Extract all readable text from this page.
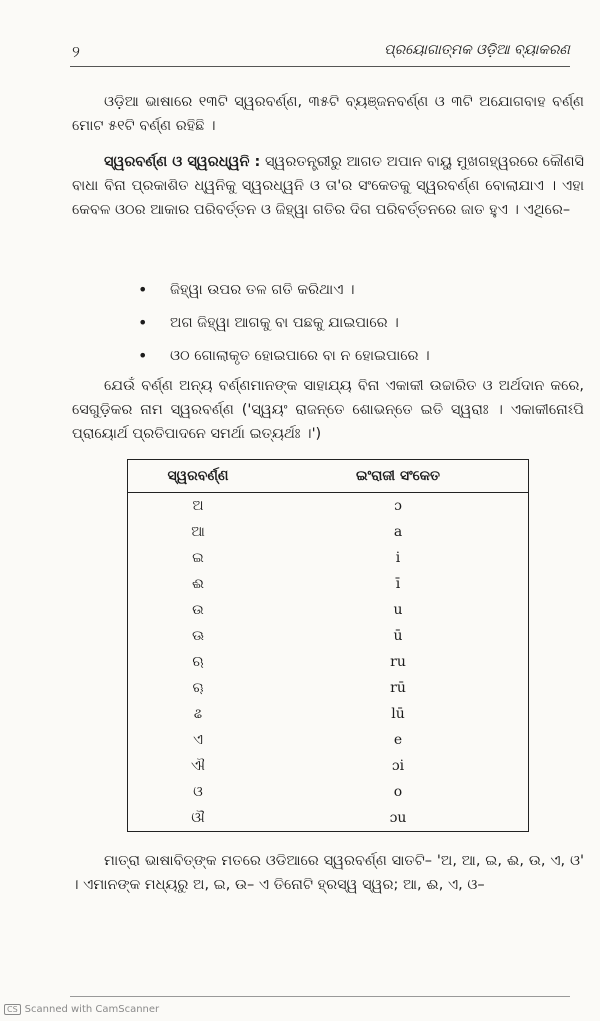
୨	ପ୍ରୟୋଗାତ୍ମକ ଓଡ଼ିଆ ବ୍ୟାକରଣ

ଓଡ଼ିଆ ଭାଷାରେ ୧୩ଟି ସ୍ୱରବର୍ଣ୍ଣ, ୩୫ଟି ବ୍ୟଞ୍ଜନବର୍ଣ୍ଣ ଓ ୩ଟି ଅଯୋଗବାହ ବର୍ଣ୍ଣ ମୋଟ ୫୧ଟି ବର୍ଣ୍ଣ ରହିଛି ।

ସ୍ୱରବର୍ଣ୍ଣ ଓ ସ୍ୱରଧ୍ୱନି : ସ୍ୱରତନ୍ତ୍ରୀରୁ ଆଗତ ଅପାନ ବାୟୁ ମୁଖଗହ୍ୱରରେ କୌଣସି ବାଧା ବିନା ପ୍ରକାଶିତ ଧ୍ୱନିକୁ ସ୍ୱରଧ୍ୱନି ଓ ତା'ର ସଂକେତକୁ ସ୍ୱରବର୍ଣ୍ଣ ବୋଲାଯାଏ । ଏହା କେବଳ ଓଠର ଆକାର ପରିବର୍ତ୍ତନ ଓ ଜିହ୍ୱା ଗତିର ଦିଗ ପରିବର୍ତ୍ତନରେ ଜାତ ହୁଏ । ଏଥିରେ–

• ଜିହ୍ୱା ଉପର ତଳ ଗତି କରିଥାଏ ।
• ଅଗ ଜିହ୍ୱା ଆଗକୁ ବା ପଛକୁ ଯାଇପାରେ ।
• ଓଠ ଗୋଲାକୃତ ହୋଇପାରେ ବା ନ ହୋଇପାରେ ।

ଯେଉଁ ବର୍ଣ୍ଣ ଅନ୍ୟ ବର୍ଣ୍ଣମାନଙ୍କ ସାହାଯ୍ୟ ବିନା ଏକାକୀ ଉଚ୍ଚାରିତ ଓ ଅର୍ଥଦାନ କରେ, ସେଗୁଡ଼ିକର ନାମ ସ୍ୱରବର୍ଣ୍ଣ ('ସ୍ୱୟଂ ରାଜନ୍ତେ ଶୋଭନ୍ତେ ଇତି ସ୍ୱରାଃ । ଏକାକୀନୋଽପି ପ୍ରାୟୋର୍ଥ ପ୍ରତିପାଦନେ ସମର୍ଥା ଇତ୍ୟର୍ଥଃ ।')

ସ୍ୱରବର୍ଣ୍ଣ	ଇଂରାଜୀ ସଂକେତ
ଅ	ɔ
ଆ	a
ଇ	i
ଈ	ī
ଉ	u
ଊ	ū
ଋ	ru
ୠ	rū
ଌ	lū
ଏ	e
ଐ	ɔi
ଓ	o
ଔ	ɔu

ମାତ୍ରା ଭାଷାବିତ୍ଙ୍କ ମତରେ ଓଡିଆରେ ସ୍ୱରବର୍ଣ୍ଣ ସାତଟି– 'ଅ, ଆ, ଇ, ଈ, ଉ, ଏ, ଓ' । ଏମାନଙ୍କ ମଧ୍ୟରୁ ଅ, ଇ, ଉ– ଏ ତିନୋଟି ହ୍ରସ୍ୱ ସ୍ୱର; ଆ, ଈ, ଏ, ଓ–

CS Scanned with CamScanner
